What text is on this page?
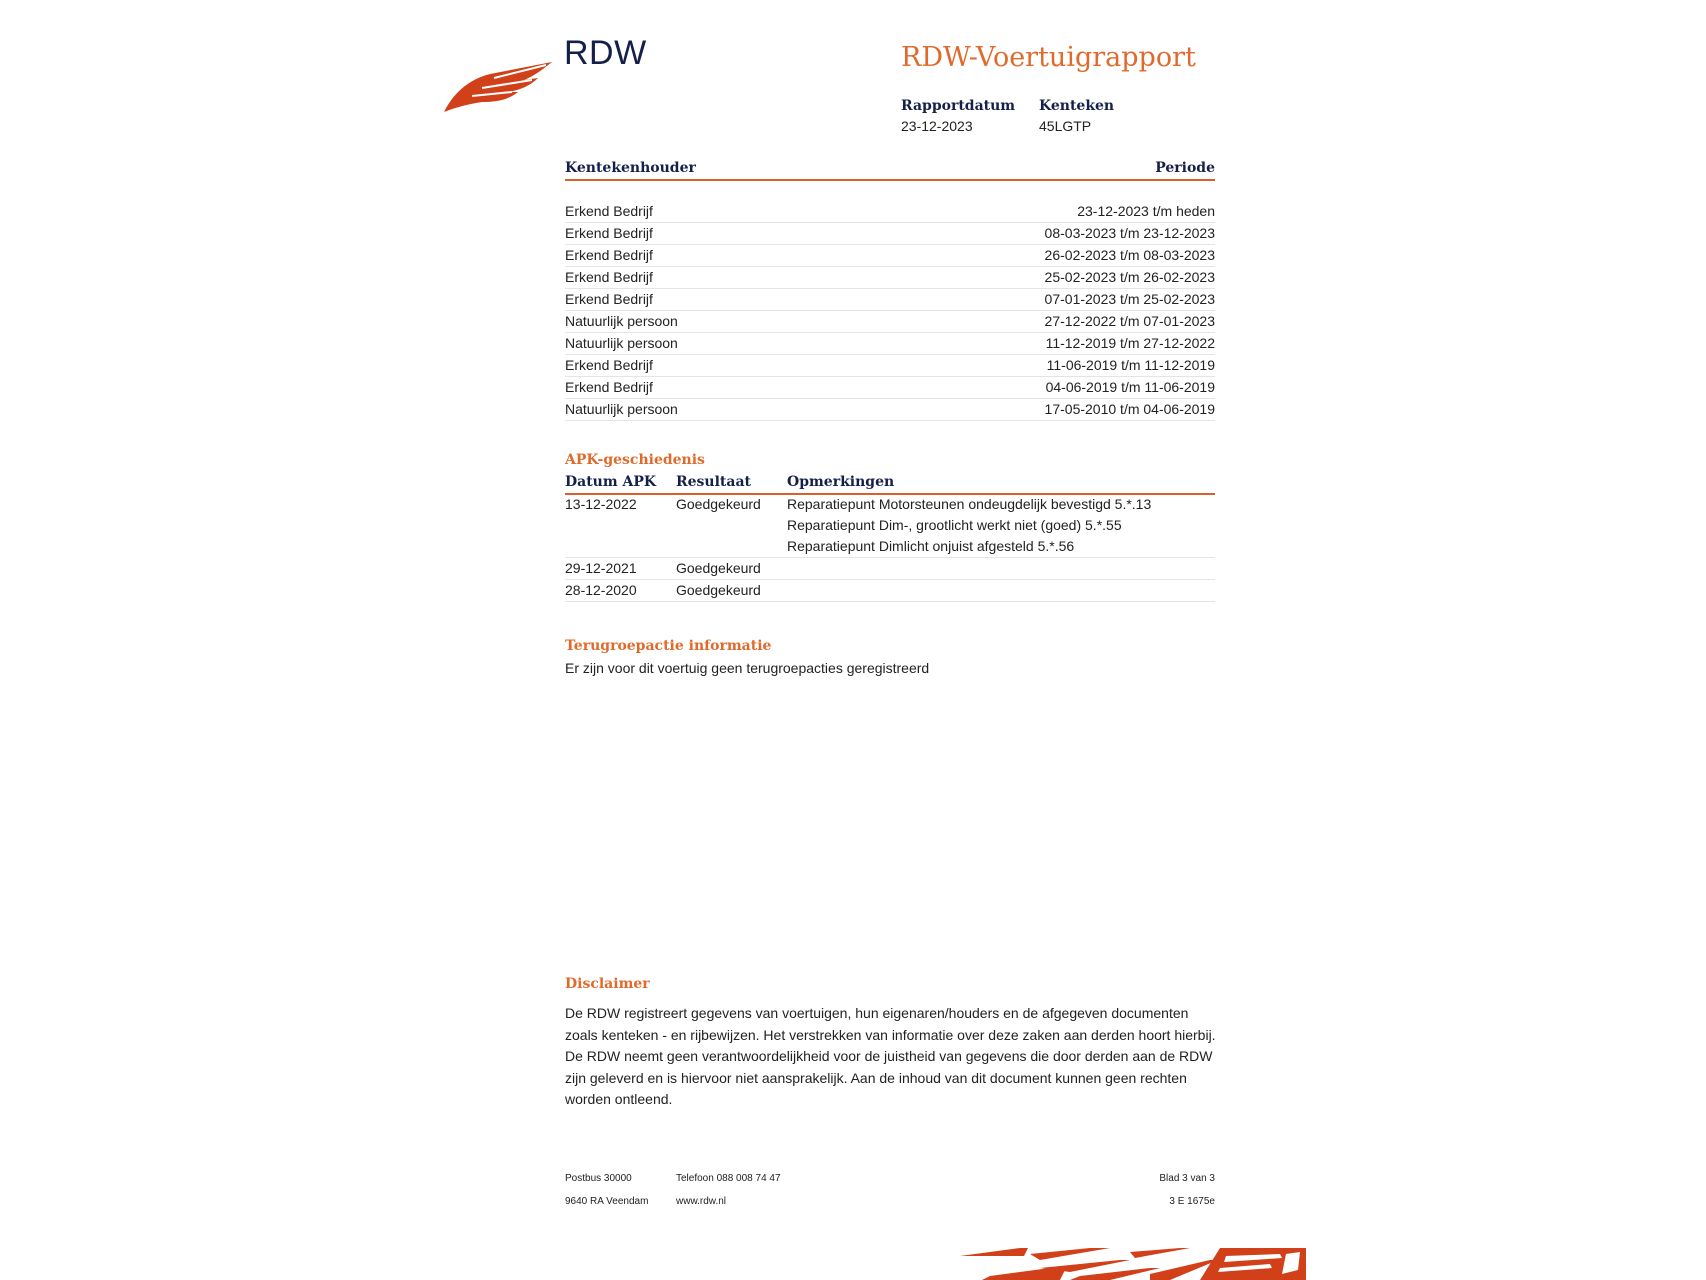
RDW	RDW-Voertuigrapport
Rapportdatum
23-12-2023
Kenteken
45LGTP
Kentekenhouder	Periode
Erkend Bedrijf	23-12-2023 t/m heden
Erkend Bedrijf	08-03-2023 t/m 23-12-2023
Erkend Bedrijf	26-02-2023 t/m 08-03-2023
Erkend Bedrijf	25-02-2023 t/m 26-02-2023
Erkend Bedrijf	07-01-2023 t/m 25-02-2023
Natuurlijk persoon	27-12-2022 t/m 07-01-2023
Natuurlijk persoon	11-12-2019 t/m 27-12-2022
Erkend Bedrijf	11-06-2019 t/m 11-12-2019
Erkend Bedrijf	04-06-2019 t/m 11-06-2019
Natuurlijk persoon	17-05-2010 t/m 04-06-2019
APK-geschiedenis
Datum APK Resultaat	Opmerkingen
13-12-2022	Goedgekeurd Reparatiepunt Motorsteunen ondeugdelijk bevestigd 5.*.13
Reparatiepunt Dim-, grootlicht werkt niet (goed) 5.*.55
Reparatiepunt Dimlicht onjuist afgesteld 5.*.56
29-12-2021	Goedgekeurd
28-12-2020	Goedgekeurd
Terugroepactie informatie
Er zijn voor dit voertuig geen terugroepacties geregistreerd
Disclaimer
De RDW registreert gegevens van voertuigen, hun eigenaren/houders en de afgegeven documenten zoals kenteken - en rijbewijzen. Het verstrekken van informatie over deze zaken aan derden hoort hierbij. De RDW neemt geen verantwoordelijkheid voor de juistheid van gegevens die door derden aan de RDW zijn geleverd en is hiervoor niet aansprakelijk. Aan de inhoud van dit document kunnen geen rechten worden ontleend.
Postbus 30000
9640 RA Veendam
Telefoon 088 008 74 47
www.rdw.nl
Blad 3 van 3
3 E 1675e
